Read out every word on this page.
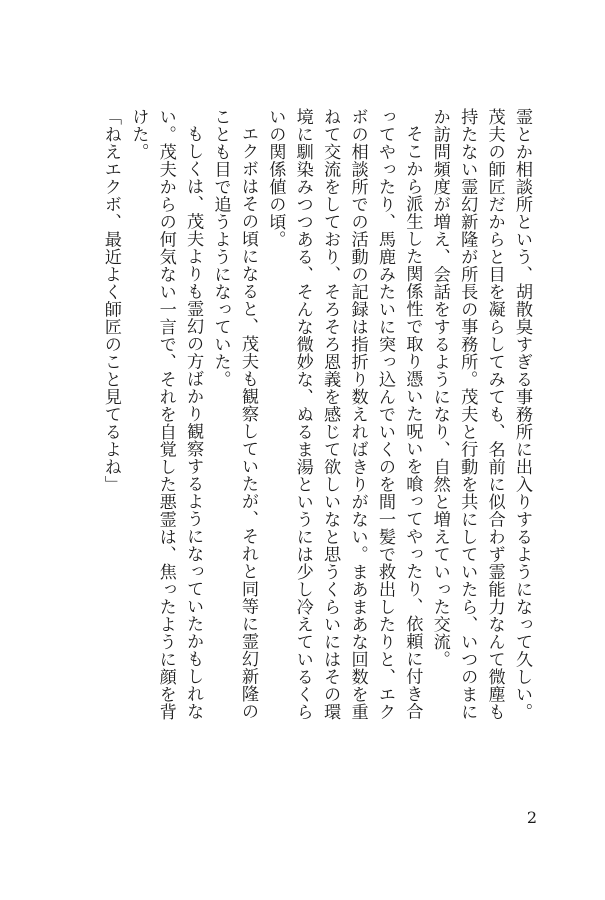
霊とか相談所という、胡散臭すぎる事務所に出入りするようになって久しい。茂夫の師匠だからと目を凝らしてみても、名前に似合わず霊能力なんて微塵も持たない霊幻新隆が所長の事務所。茂夫と行動を共にしていたら、いつのまにか訪問頻度が増え、会話をするようになり、自然と増えていった交流。

そこから派生した関係性で取り憑いた呪いを喰ってやったり、依頼に付き合ってやったり、馬鹿みたいに突っ込んでいくのを間一髪で救出したりと、エクボの相談所での活動の記録は指折り数えればきりがない。まあまあな回数を重ねて交流をしており、そろそろ恩義を感じて欲しいなと思うくらいにはその環境に馴染みつつある、そんな微妙な、ぬるま湯というには少し冷えているくらいの関係値の頃。

エクボはその頃になると、茂夫も観察していたが、それと同等に霊幻新隆のことも目で追うようになっていた。

もしくは、茂夫よりも霊幻の方ばかり観察するようになっていたかもしれない。茂夫からの何気ない一言で、それを自覚した悪霊は、焦ったように顔を背けた。

「ねえエクボ、最近よく師匠のこと見てるよね」

2
